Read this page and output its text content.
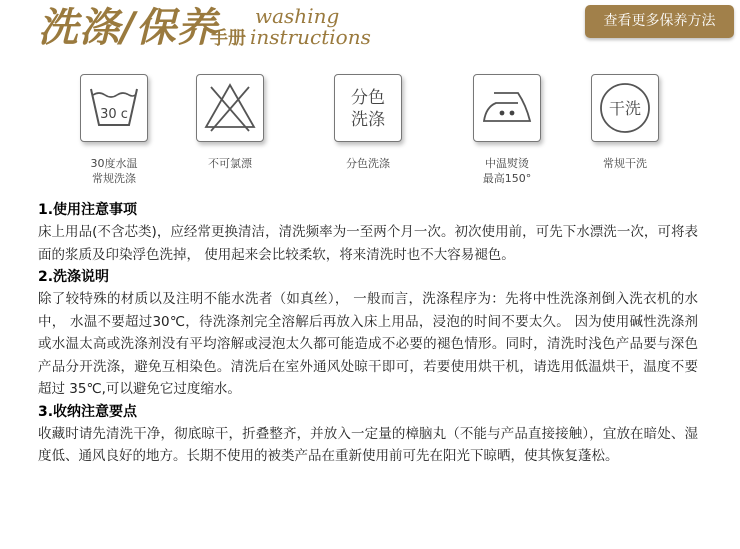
洗涤/保养 washing
手册 instructions
查看更多保养方法
30 c
30度水温
常规洗涤
不可氯漂
分色
洗涤
分色洗涤	中温熨烫
最高150°
干洗
常规干洗
1.使用注意事项

床上用品(不含芯类)，应经常更换清洁，清洗频率为一至两个月一次。初次使用前，可先下水漂洗一次，可将表面的浆质及印染浮色洗掉， 使用起来会比较柔软，将来清洗时也不大容易褪色。

2.洗涤说明

除了较特殊的材质以及注明不能水洗者（如真丝）， 一般而言，洗涤程序为：先将中性洗涤剂倒入洗衣机的水中， 水温不要超过30℃，待洗涤剂完全溶解后再放入床上用品，浸泡的时间不要太久。 因为使用碱性洗涤剂或水温太高或洗涤剂没有平均溶解或浸泡太久都可能造成不必要的褪色情形。同时，清洗时浅色产品要与深色产品分开洗涤，避免互相染色。清洗后在室外通风处晾干即可，若要使用烘干机，请选用低温烘干，温度不要超过 35℃,可以避免它过度缩水。

3.收纳注意要点

收藏时请先清洗干净，彻底晾干，折叠整齐，并放入一定量的樟脑丸（不能与产品直接接触），宜放在暗处、湿度低、通风良好的地方。长期不使用的被类产品在重新使用前可先在阳光下晾晒，使其恢复蓬松。
